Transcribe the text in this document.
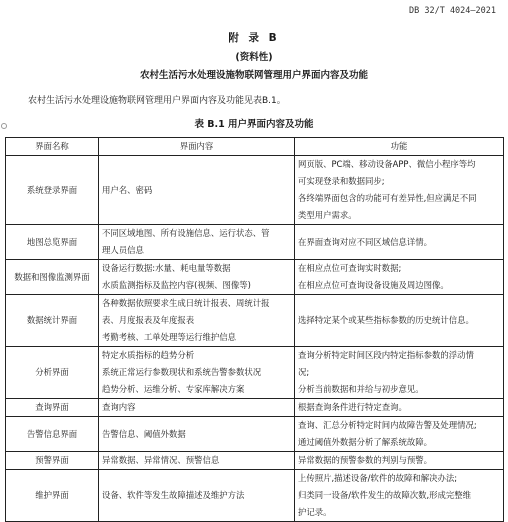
DB 32/T 4024—2021
附 录 B
(资料性)
农村生活污水处理设施物联网管理用户界面内容及功能
农村生活污水处理设施物联网管理用户界面内容及功能见表B.1。
表 B.1 用户界面内容及功能
界面名称	界面内容	功能
系统登录界面	用户名、密码	网页版、PC端、移动设备APP、微信小程序等均
可实现登录和数据同步;
各终端界面包含的功能可有差异性,但应满足不同
类型用户需求。

地图总览界面	不同区域地图、所有设施信息、运行状态、管
理人员信息	在界面查询对应不同区域信息详情。

数据和图像监测界面	设备运行数据:水量、耗电量等数据
水质监测指标及监控内容(视频、图像等)	在相应点位可查询实时数据;
在相应点位可查询设备设施及周边图像。

数据统计界面	各种数据依照要求生成日统计报表、周统计报
表、月度报表及年度报表
考勤考核、工单处理等运行维护信息	选择特定某个或某些指标参数的历史统计信息。

分析界面	特定水质指标的趋势分析
系统正常运行参数现状和系统告警参数状况
趋势分析、运维分析、专家库解决方案	查询分析特定时间区段内特定指标参数的浮动情
况;
分析当前数据和并给与初步意见。

查询界面	查询内容	根据查询条件进行特定查询。

告警信息界面	告警信息、阈值外数据	查询、汇总分析特定时间内故障告警及处理情况;
通过阈值外数据分析了解系统故障。

预警界面	异常数据、异常情况、预警信息	异常数据的预警参数的判别与预警。

维护界面	设备、软件等发生故障描述及维护方法	上传照片,描述设备/软件的故障和解决办法;
归类同一设备/软件发生的故障次数,形成完整维
护记录。
